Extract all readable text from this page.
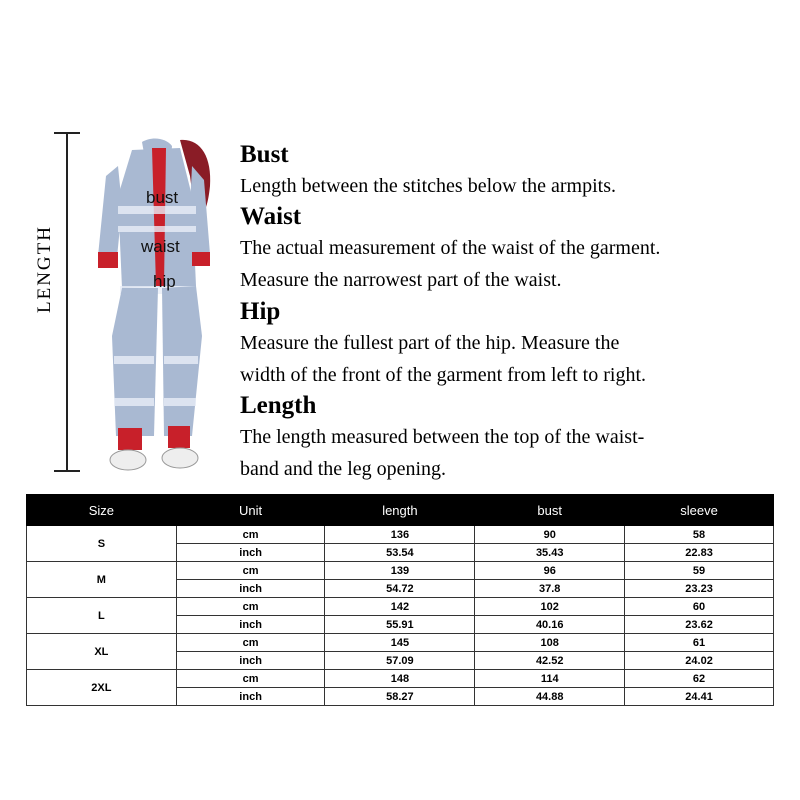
LENGTH
bust
waist
hip

Bust

Length between the stitches below the armpits.

Waist

The actual measurement of the waist of the garment.

Measure the narrowest part of the waist.

Hip

Measure the fullest part of the hip. Measure the

width of the front of the garment from left to right.

Length

The length measured between the top of the waist-

band and the leg opening.

Size	Unit	length	bust	sleeve
S	cm	136	90	58
	inch	53.54	35.43	22.83
M	cm	139	96	59
	inch	54.72	37.8	23.23
L	cm	142	102	60
	inch	55.91	40.16	23.62
XL	cm	145	108	61
	inch	57.09	42.52	24.02
2XL	cm	148	114	62
	inch	58.27	44.88	24.41
